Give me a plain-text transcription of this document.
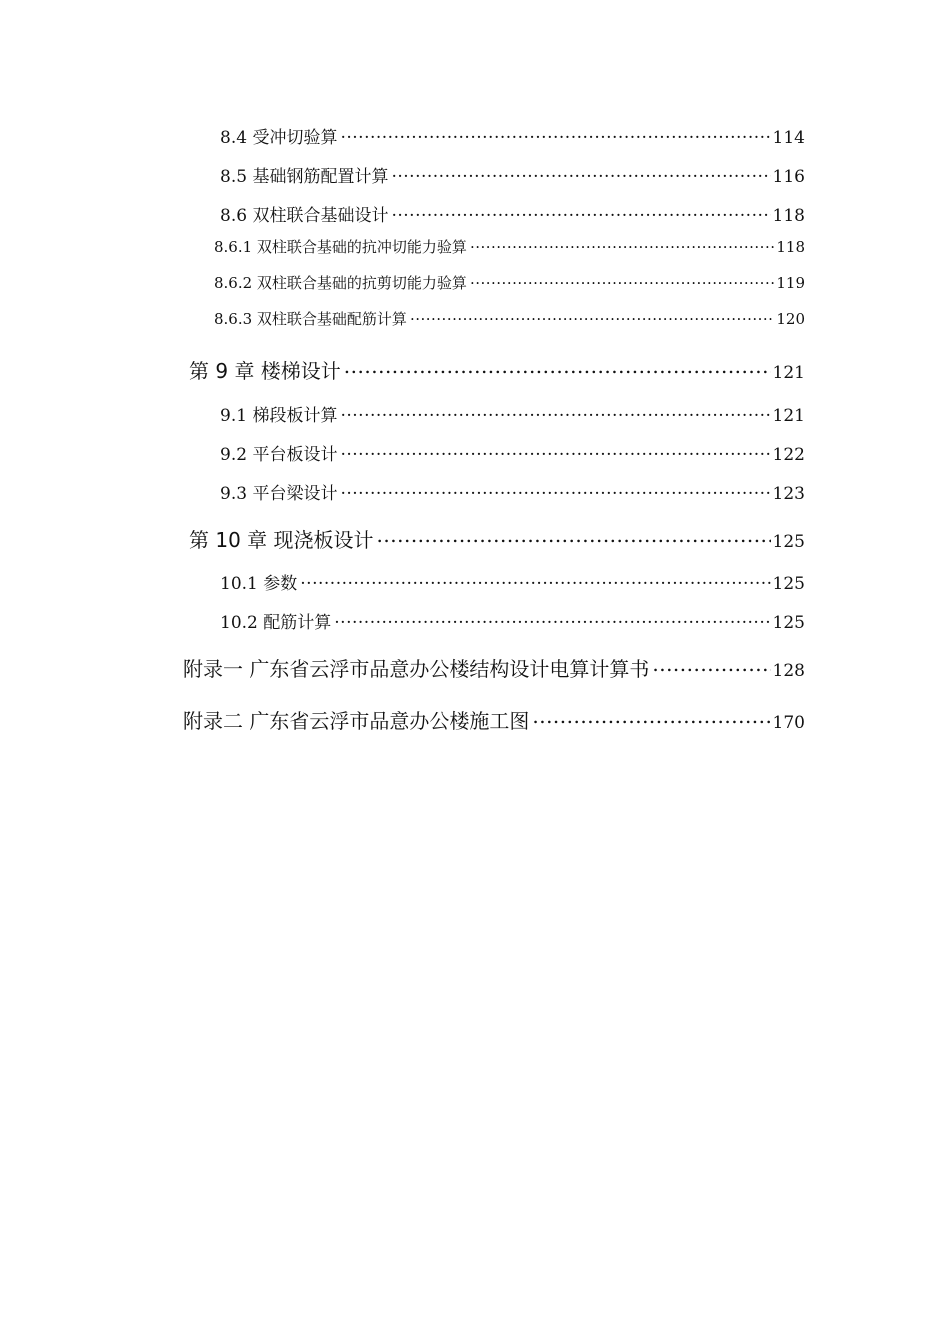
8.4 受冲切验算 .....	114
8.5 基础钢筋配置计算 .....	116
8.6 双柱联合基础设计 .....	118
8.6.1 双柱联合基础的抗冲切能力验算 .....	118
8.6.2 双柱联合基础的抗剪切能力验算 .....	119
8.6.3 双柱联合基础配筋计算 .....	120
第 9 章 楼梯设计 .....	121
9.1 梯段板计算 .....	121
9.2 平台板设计 .....	122
9.3 平台梁设计 .....	123
第 10 章 现浇板设计 .....	125
10.1 参数 .....	125
10.2 配筋计算 .....	125
附录一 广东省云浮市品意办公楼结构设计电算计算书 .....	128
附录二 广东省云浮市品意办公楼施工图 .....	170
